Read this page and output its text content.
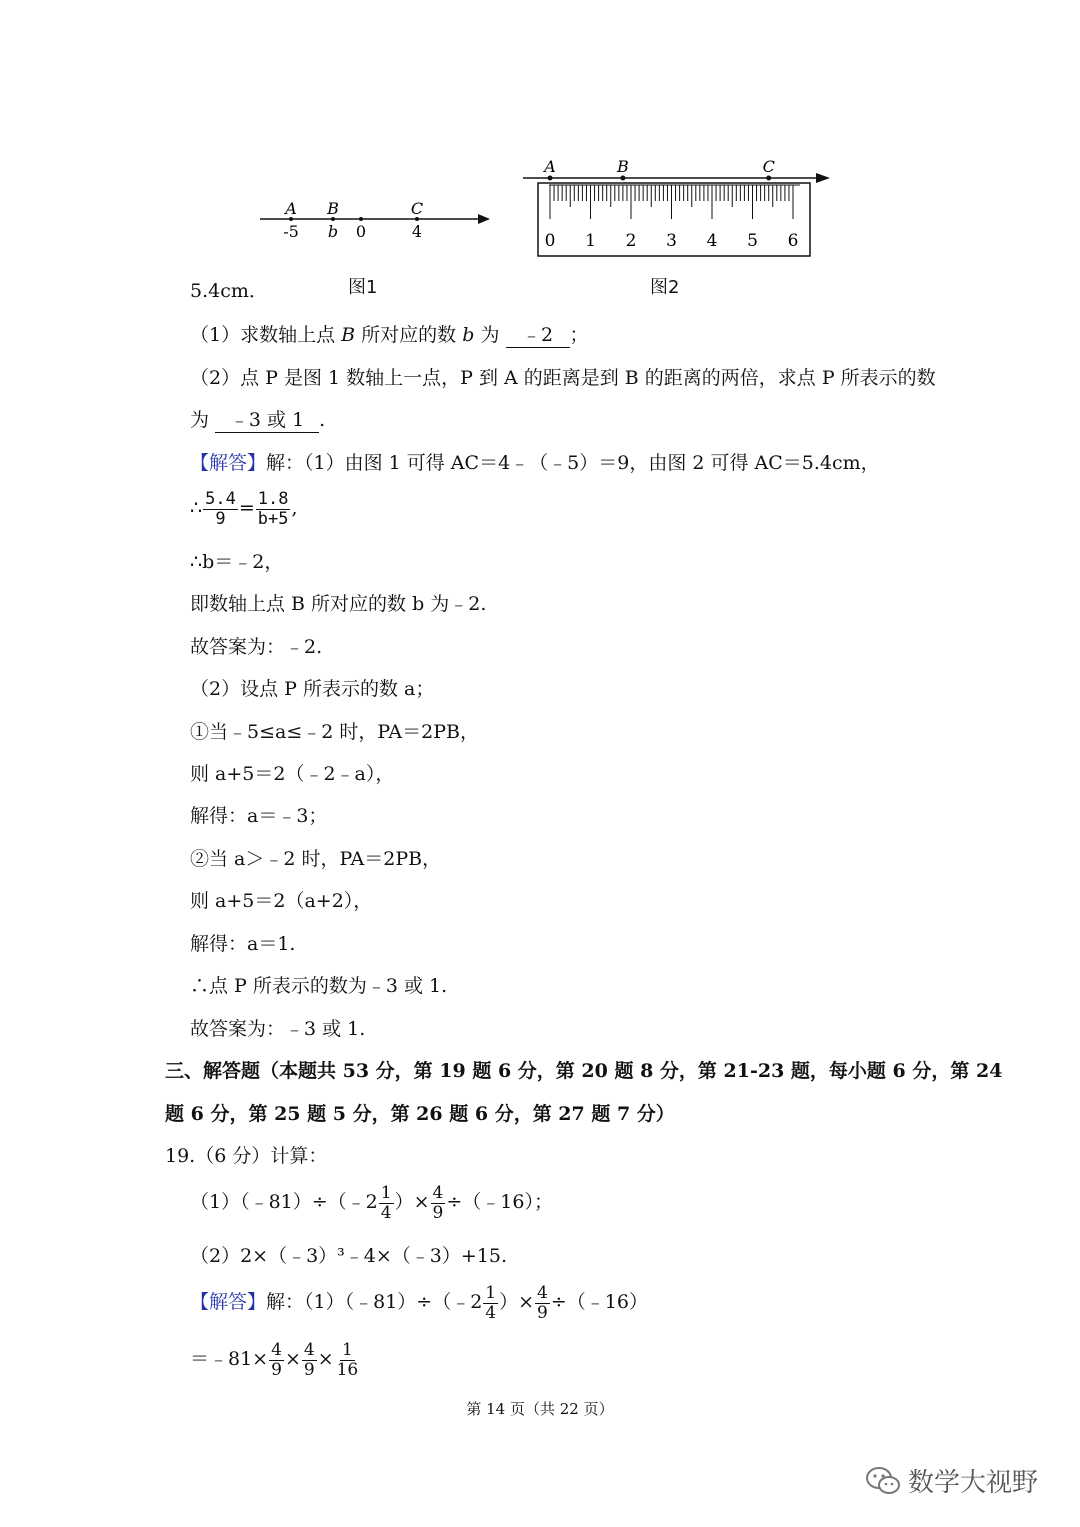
A
-5
B
b 0
C
4
图1
0 1 2 3 4 5 6
A	B	C
图2
5.4cm．
（1）求数轴上点 B 所对应的数 b 为 ﹣2 ；
（2）点 P 是图 1 数轴上一点，P 到 A 的距离是到 B 的距离的两倍，求点 P 所表示的数
为 ﹣3 或 1 .
【解答】解：（1）由图 1 可得 AC＝4﹣（﹣5）＝9，由图 2 可得 AC＝5.4cm，
∴ $\frac{5.4}{9} = \frac{1.8}{b+5}$ ,
∴b＝﹣2，
即数轴上点 B 所对应的数 b 为﹣2.
故答案为：﹣2.
（2）设点 P 所表示的数 a；
①当﹣5≤a≤﹣2 时，PA＝2PB，
则 a+5＝2（﹣2﹣a），
解得：a＝﹣3；
②当 a＞﹣2 时，PA＝2PB，
则 a+5＝2（a+2），
解得：a＝1.
∴点 P 所表示的数为﹣3 或 1.
故答案为：﹣3 或 1.
三、解答题（本题共 53 分，第 19 题 6 分，第 20 题 8 分，第 21-23 题，每小题 6 分，第 24
题 6 分，第 25 题 5 分，第 26 题 6 分，第 27 题 7 分）
19.（6 分）计算：
（1）（﹣81）÷（﹣2 $\frac{1}{4}$ ）× $\frac{4}{9}$ ÷（﹣16）；
（2）2×（﹣3）³﹣4×（﹣3）+15.
【解答】解：（1）（﹣81）÷（﹣2 $\frac{1}{4}$ ）× $\frac{4}{9}$ ÷（﹣16）
＝﹣81× $\frac{4}{9} \times \frac{4}{9} \times \frac{1}{16}$
第 14 页（共 22 页）
数学大视野
